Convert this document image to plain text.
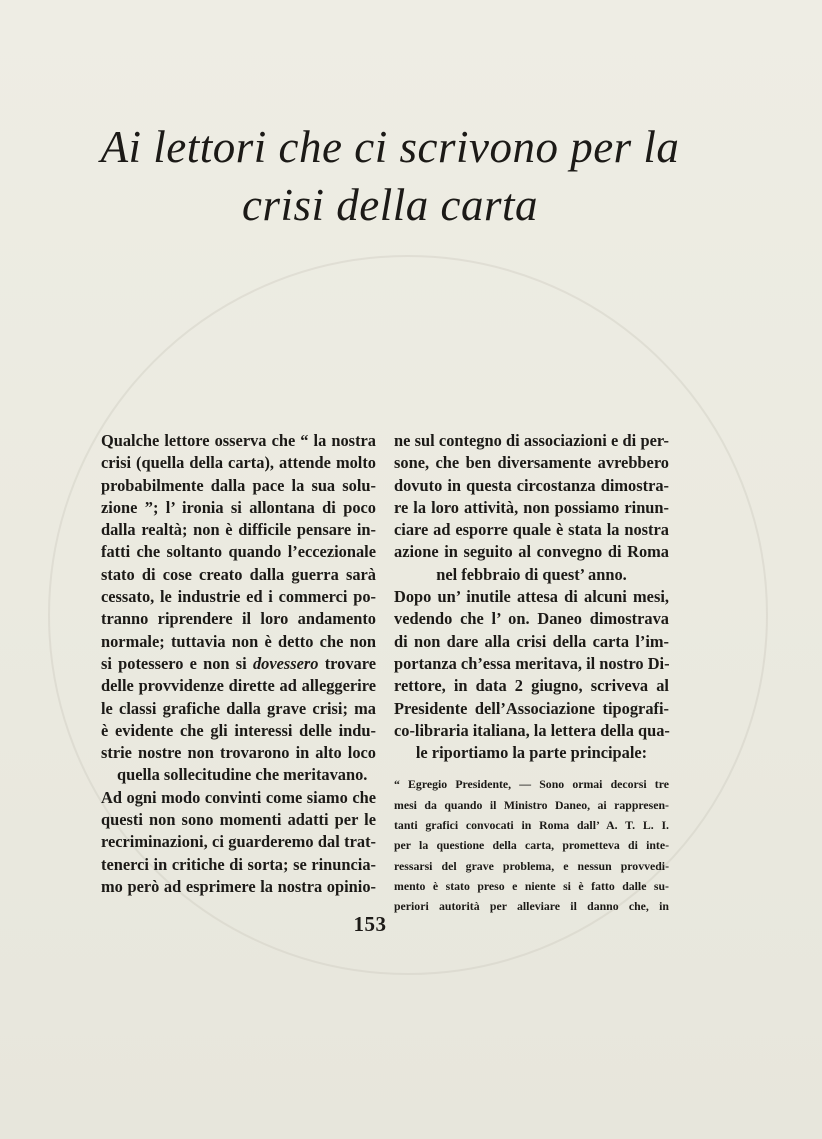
Ai lettori che ci scrivono per la
crisi della carta
Qualche lettore osserva che “ la nostra
crisi (quella della carta), attende molto
probabilmente dalla pace la sua solu-
zione ”; l’ ironia si allontana di poco
dalla realtà; non è difficile pensare in-
fatti che soltanto quando l’eccezionale
stato di cose creato dalla guerra sarà
cessato, le industrie ed i commerci po-
tranno riprendere il loro andamento
normale; tuttavia non è detto che non
si potessero e non si dovessero trovare
delle provvidenze dirette ad alleggerire
le classi grafiche dalla grave crisi; ma
è evidente che gli interessi delle indu-
strie nostre non trovarono in alto loco
quella sollecitudine che meritavano.
Ad ogni modo convinti come siamo che
questi non sono momenti adatti per le
recriminazioni, ci guarderemo dal trat-
tenerci in critiche di sorta; se rinuncia-
mo però ad esprimere la nostra opinio-
ne sul contegno di associazioni e di per-
sone, che ben diversamente avrebbero
dovuto in questa circostanza dimostra-
re la loro attività, non possiamo rinun-
ciare ad esporre quale è stata la nostra
azione in seguito al convegno di Roma
nel febbraio di quest’ anno.
Dopo un’ inutile attesa di alcuni mesi,
vedendo che l’ on. Daneo dimostrava
di non dare alla crisi della carta l’im-
portanza ch’essa meritava, il nostro Di-
rettore, in data 2 giugno, scriveva al
Presidente dell’Associazione tipografi-
co-libraria italiana, la lettera della qua-
le riportiamo la parte principale:
“ Egregio Presidente, — Sono ormai decorsi tre
mesi da quando il Ministro Daneo, ai rappresen-
tanti grafici convocati in Roma dall’ A. T. L. I.
per la questione della carta, prometteva di inte-
ressarsi del grave problema, e nessun provvedi-
mento è stato preso e niente si è fatto dalle su-
periori autorità per alleviare il danno che, in
153
